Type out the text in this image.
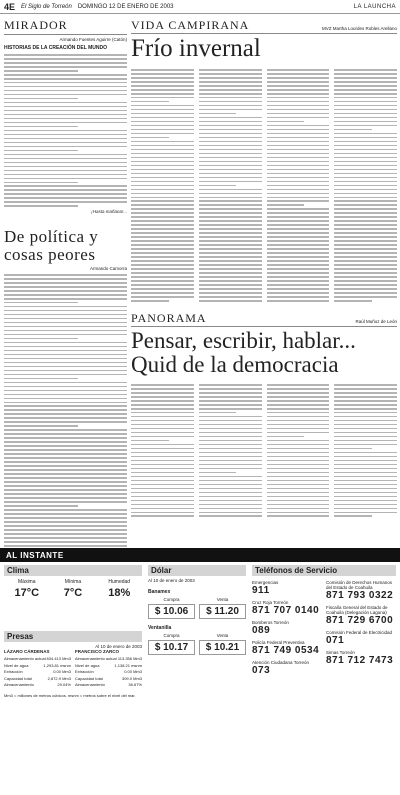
4E El Siglo de Torreón DOMINGO 12 DE ENERO DE 2003	LA LAUNCHA
MIRADOR
Armando Fuentes Aguirre (Catón)
HISTORIAS DE LA CREACIÓN DEL MUNDO
¡Hasta mañana!...
De política y cosas peores
Armando Camorra
VIDA CAMPIRANA	MVZ Martha Lourdes Robles Arellano
Frío invernal
PANORAMA	Raúl Muñoz de León
Pensar, escribir, hablar... Quid de la democracia
AL INSTANTE
Clima
Máxima
17°C
Mínima
7°C
Humedad
18%
Presas
Al 10 de enero de 2003
LÁZARO CÁRDENAS
Almacenamiento actual 834.413 Mm3
Nivel de agua	1,293.81 msnm
Extracción	0.00 Mm3
Capacidad total	2,872.9 Mm3
Almacenamiento	29.04%
FRANCISCO ZARCO
Almacenamiento actual 113.356 Mm3
Nivel de agua	1,138.21 msnm
Extracción	0.00 Mm3
Capacidad total	309.0 Mm3
Almacenamiento	36.67%
Mm3 = millones de metros cúbicos. msnm = metros sobre el nivel del mar.
Dólar
Al 10 de enero de 2003
Banamex
Compra	Venta
$ 10.06	$ 11.20
Ventanilla
Compra	Venta
$ 10.17	$ 10.21
Teléfonos de Servicio
Emergencias
911
Cruz Roja Torreón
871 707 0140
Bomberos Torreón
089
Policía Federal Preventiva
871 749 0534
Atención Ciudadana Torreón
073
Comisión de Derechos Humanos del Estado de Coahuila
871 793 0322
Fiscalía General del Estado de Coahuila (Delegación Laguna)
871 729 6700
Comisión Federal de Electricidad
071
Simas Torreón
871 712 7473
